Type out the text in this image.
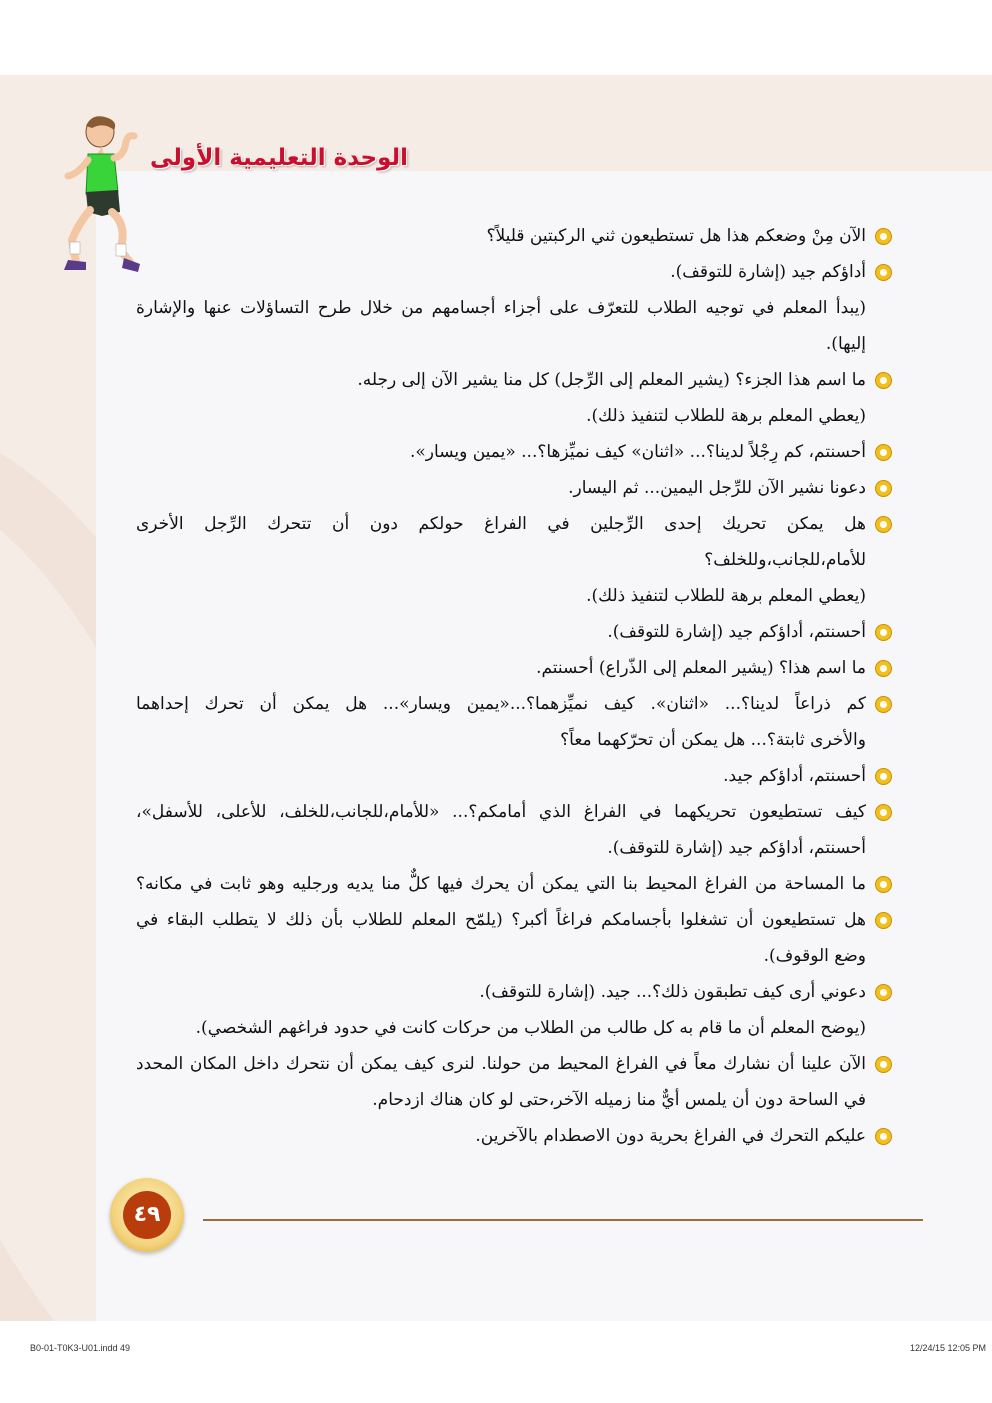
الوحدة التعليمية الأولى
الآن مِنْ وضعكم هذا هل تستطيعون ثني الركبتين قليلاً؟
أداؤكم جيد (إشارة للتوقف).
(يبدأ المعلم في توجيه الطلاب للتعرّف على أجزاء أجسامهم من خلال طرح التساؤلات عنها والإشارة
إليها).
ما اسم هذا الجزء؟ (يشير المعلم إلى الرِّجل) كل منا يشير الآن إلى رجله.
(يعطي المعلم برهة للطلاب لتنفيذ ذلك).
أحسنتم، كم رِجْلاً لدينا؟... «اثنان» كيف نميِّزها؟... «يمين ويسار».
دعونا نشير الآن للرِّجل اليمين... ثم اليسار.
هل يمكن تحريك إحدى الرِّجلين في الفراغ حولكم دون أن تتحرك الرِّجل الأخرى
للأمام،للجانب،وللخلف؟
(يعطي المعلم برهة للطلاب لتنفيذ ذلك).
أحسنتم، أداؤكم جيد (إشارة للتوقف).
ما اسم هذا؟ (يشير المعلم إلى الذّراع) أحسنتم.
كم ذراعاً لدينا؟... «اثنان». كيف نميِّزهما؟...«يمين ويسار»... هل يمكن أن تحرك إحداهما
والأخرى ثابتة؟... هل يمكن أن تحرّكهما معاً؟
أحسنتم، أداؤكم جيد.
كيف تستطيعون تحريكهما في الفراغ الذي أمامكم؟... «للأمام،للجانب،للخلف، للأعلى، للأسفل»،
أحسنتم، أداؤكم جيد (إشارة للتوقف).
ما المساحة من الفراغ المحيط بنا التي يمكن أن يحرك فيها كلٌّ منا يديه ورجليه وهو ثابت في مكانه؟
هل تستطيعون أن تشغلوا بأجسامكم فراغاً أكبر؟ (يلمّح المعلم للطلاب بأن ذلك لا يتطلب البقاء في
وضع الوقوف).
دعوني أرى كيف تطبقون ذلك؟... جيد. (إشارة للتوقف).
(يوضح المعلم أن ما قام به كل طالب من الطلاب من حركات كانت في حدود فراغهم الشخصي).
الآن علينا أن نشارك معاً في الفراغ المحيط من حولنا. لنرى كيف يمكن أن نتحرك داخل المكان المحدد
في الساحة دون أن يلمس أيٌّ منا زميله الآخر،حتى لو كان هناك ازدحام.
عليكم التحرك في الفراغ بحرية دون الاصطدام بالآخرين.
٤٩
B0-01-T0K3-U01.indd 49	12/24/15 12:05 PM
